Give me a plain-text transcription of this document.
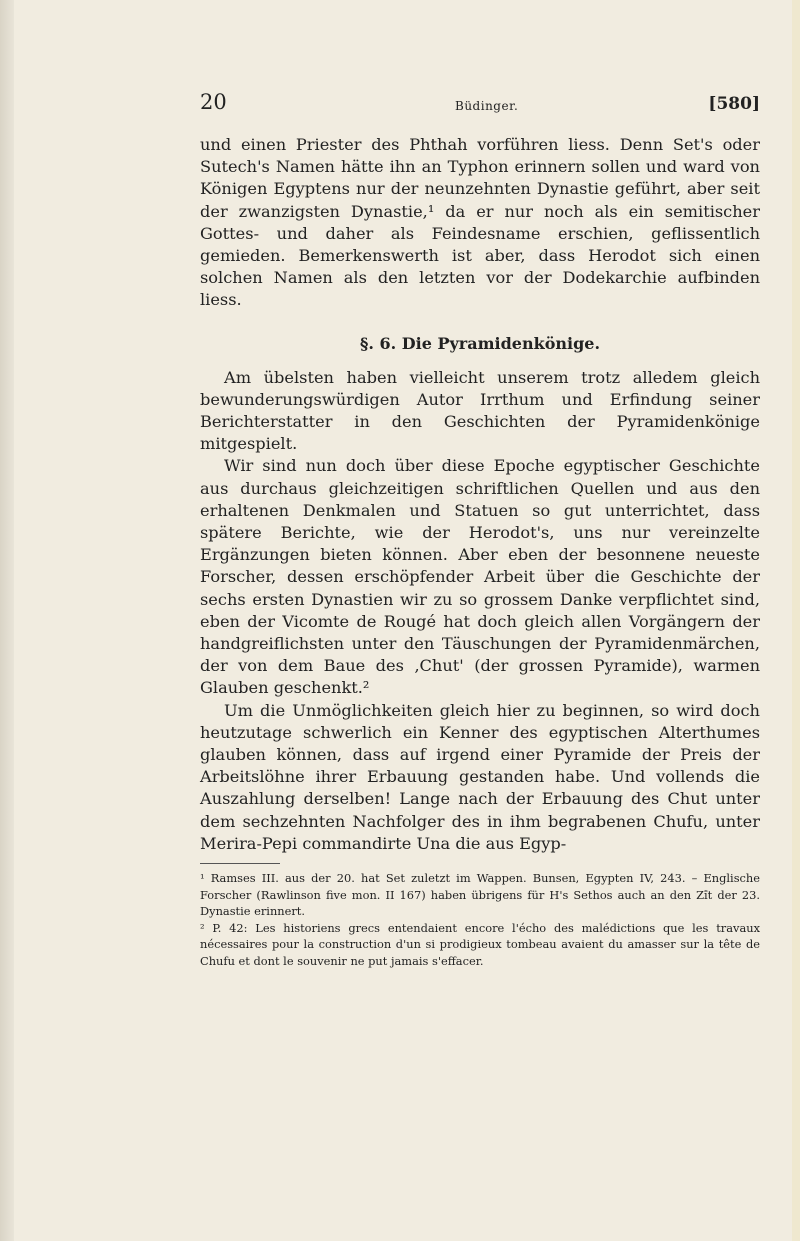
20	Büdinger.	[580]

und einen Priester des Phthah vorführen liess. Denn Set's oder Sutech's Namen hätte ihn an Typhon erinnern sollen und ward von Königen Egyptens nur der neunzehnten Dynastie geführt, aber seit der zwanzigsten Dynastie,¹ da er nur noch als ein semitischer Gottes- und daher als Feindesname erschien, geflissentlich gemieden. Bemerkenswerth ist aber, dass Herodot sich einen solchen Namen als den letzten vor der Dodekarchie aufbinden liess.

§. 6. Die Pyramidenkönige.

Am übelsten haben vielleicht unserem trotz alledem gleich bewunderungswürdigen Autor Irrthum und Erfindung seiner Berichterstatter in den Geschichten der Pyramidenkönige mitgespielt.

Wir sind nun doch über diese Epoche egyptischer Geschichte aus durchaus gleichzeitigen schriftlichen Quellen und aus den erhaltenen Denkmalen und Statuen so gut unterrichtet, dass spätere Berichte, wie der Herodot's, uns nur vereinzelte Ergänzungen bieten können. Aber eben der besonnene neueste Forscher, dessen erschöpfender Arbeit über die Geschichte der sechs ersten Dynastien wir zu so grossem Danke verpflichtet sind, eben der Vicomte de Rougé hat doch gleich allen Vorgängern der handgreiflichsten unter den Täuschungen der Pyramidenmärchen, der von dem Baue des ‚Chut' (der grossen Pyramide), warmen Glauben geschenkt.²

Um die Unmöglichkeiten gleich hier zu beginnen, so wird doch heutzutage schwerlich ein Kenner des egyptischen Alterthumes glauben können, dass auf irgend einer Pyramide der Preis der Arbeitslöhne ihrer Erbauung gestanden habe. Und vollends die Auszahlung derselben! Lange nach der Erbauung des Chut unter dem sechzehnten Nachfolger des in ihm begrabenen Chufu, unter Merira-Pepi commandirte Una die aus Egyp-

¹ Ramses III. aus der 20. hat Set zuletzt im Wappen. Bunsen, Egypten IV, 243. – Englische Forscher (Rawlinson five mon. II 167) haben übrigens für H's Sethos auch an den Zi̇̄t der 23. Dynastie erinnert.

² P. 42: Les historiens grecs entendaient encore l'écho des malédictions que les travaux nécessaires pour la construction d'un si prodigieux tombeau avaient du amasser sur la tête de Chufu et dont le souvenir ne put jamais s'effacer.
